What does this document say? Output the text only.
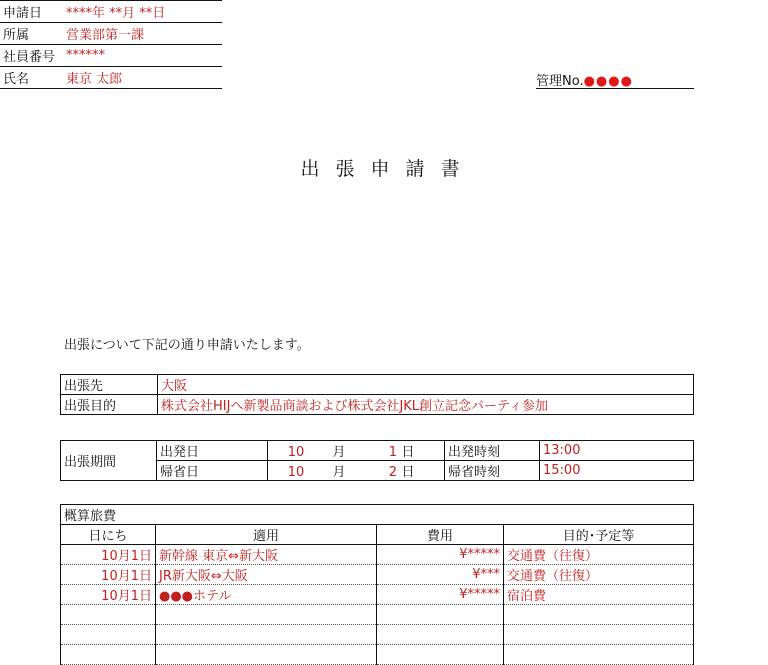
管理No.●●●●
出張申請書
申請日	****年 **月 **日
所属	営業部第一課
社員番号	******
氏名	東京 太郎
出張について下記の通り申請いたします。
出張先	大阪
出張目的	株式会社HIJへ新製品商談および株式会社JKL創立記念パーティ参加
出張期間	出発日	10 月 1 日	出発時刻	13:00
	帰省日	10 月 2 日	帰省時刻	15:00
概算旅費			
日にち	適用	費用	目的･予定等
10月1日	新幹線 東京⇔新大阪	¥*****	交通費（往復）
10月1日	JR新大阪⇔大阪	¥***	交通費（往復）
10月1日	●●●ホテル	¥*****	宿泊費
